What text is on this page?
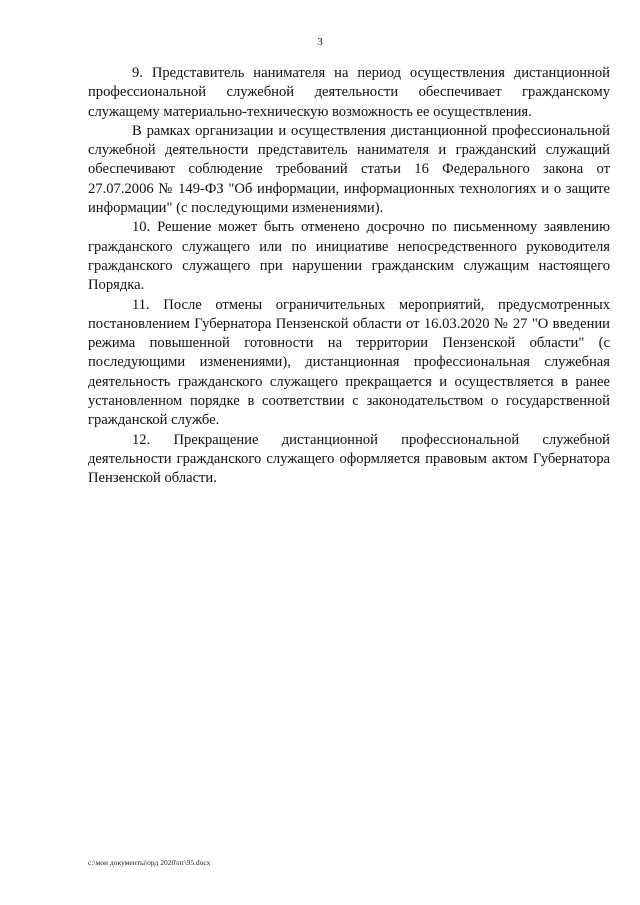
3

9. Представитель нанимателя на период осуществления дистанционной профессиональной служебной деятельности обеспечивает гражданскому служащему материально-техническую возможность ее осуществления.

В рамках организации и осуществления дистанционной профессиональной служебной деятельности представитель нанимателя и гражданский служащий обеспечивают соблюдение требований статьи 16 Федерального закона от 27.07.2006 № 149-ФЗ "Об информации, информационных технологиях и о защите информации" (с последующими изменениями).

10. Решение может быть отменено досрочно по письменному заявлению гражданского служащего или по инициативе непосредственного руководителя гражданского служащего при нарушении гражданским служащим настоящего Порядка.

11. После отмены ограничительных мероприятий, предусмотренных постановлением Губернатора Пензенской области от 16.03.2020 № 27 "О введении режима повышенной готовности на территории Пензенской области" (с последующими изменениями), дистанционная профессиональная служебная деятельность гражданского служащего прекращается и осуществляется в ранее установленном порядке в соответствии с законодательством о государственной гражданской службе.

12. Прекращение дистанционной профессиональной служебной деятельности гражданского служащего оформляется правовым актом Губернатора Пензенской области.

c:\мои документы\орд 2020\пг\95.docx
